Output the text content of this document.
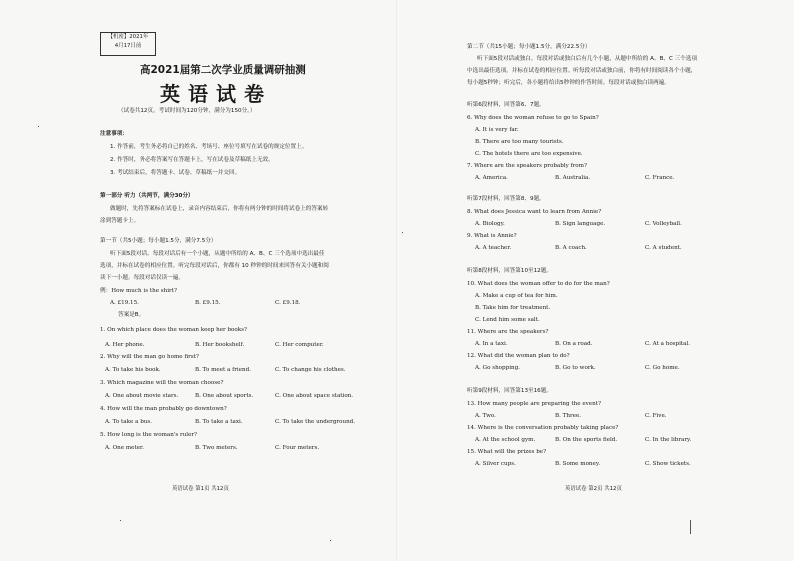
【机密】2021年
4月17日前
高2021届第二次学业质量调研抽测
英语试卷
（试卷共12页，考试时间为120分钟，满分为150分。）
注意事项：
1. 作答前，考生务必将自己的姓名、考场号、座位号填写在试卷的规定位置上。
2. 作答时，务必将答案写在答题卡上，写在试卷及草稿纸上无效。
3. 考试结束后，将答题卡、试卷、草稿纸一并交回。
第一部分 听力（共两节，满分30分）
做题时，先将答案标在试卷上，录音内容结束后，你将有两分钟的时间将试卷上的答案转
涂到答题卡上。
第一节（共5小题；每小题1.5分，满分7.5分）
听下面5段对话。每段对话后有一个小题，从题中所给的 A、B、C 三个选项中选出最佳
选项，并标在试卷的相应位置。听完每段对话后，你都有 10 秒钟的时间来回答有关小题和阅
读下一小题。每段对话仅读一遍。
例：How much is the shirt?
A. £19.15.	B. £9.15.	C. £9.18.
答案是B。
1. On which place does the woman keep her books?
A. Her phone.	B. Her bookshelf.	C. Her computer.
2. Why will the man go home first?
A. To take his book.	B. To meet a friend.	C. To change his clothes.
3. Which magazine will the woman choose?
A. One about movie stars.	B. One about sports.	C. One about space station.
4. How will the man probably go downtown?
A. To take a bus.	B. To take a taxi.	C. To take the underground.
5. How long is the woman's ruler?
A. One meter.	B. Two meters.	C. Four meters.
英语试卷 第1页 共12页
第二节（共15小题；每小题1.5分，满分22.5分）
听下面5段对话或独白。每段对话或独白后有几个小题，从题中所给的 A、B、C 三个选项
中选出最佳选项，并标在试卷的相应位置。听每段对话或独白前，你将有时间阅读各个小题，
每小题5秒钟；听完后，各小题将给出5秒钟的作答时间。每段对话或独白读两遍。
听第6段材料，回答第6、7题。
6. Why does the woman refuse to go to Spain?
A. It is very far.
B. There are too many tourists.
C. The hotels there are too expensive.
7. Where are the speakers probably from?
A. America.	B. Australia.	C. France.
听第7段材料，回答第8、9题。
8. What does Jessica want to learn from Annie?
A. Biology.	B. Sign language.	C. Volleyball.
9. What is Annie?
A. A teacher.	B. A coach.	C. A student.
听第8段材料，回答第10至12题。
10. What does the woman offer to do for the man?
A. Make a cup of tea for him.
B. Take him for treatment.
C. Lend him some salt.
11. Where are the speakers?
A. In a taxi.	B. On a road.	C. At a hospital.
12. What did the woman plan to do?
A. Go shopping.	B. Go to work.	C. Go home.
听第9段材料，回答第13至16题。
13. How many people are preparing the event?
A. Two.	B. Three.	C. Five.
14. Where is the conversation probably taking place?
A. At the school gym.	B. On the sports field.	C. In the library.
15. What will the prizes be?
A. Silver cups.	B. Some money.	C. Show tickets.
英语试卷 第2页 共12页
